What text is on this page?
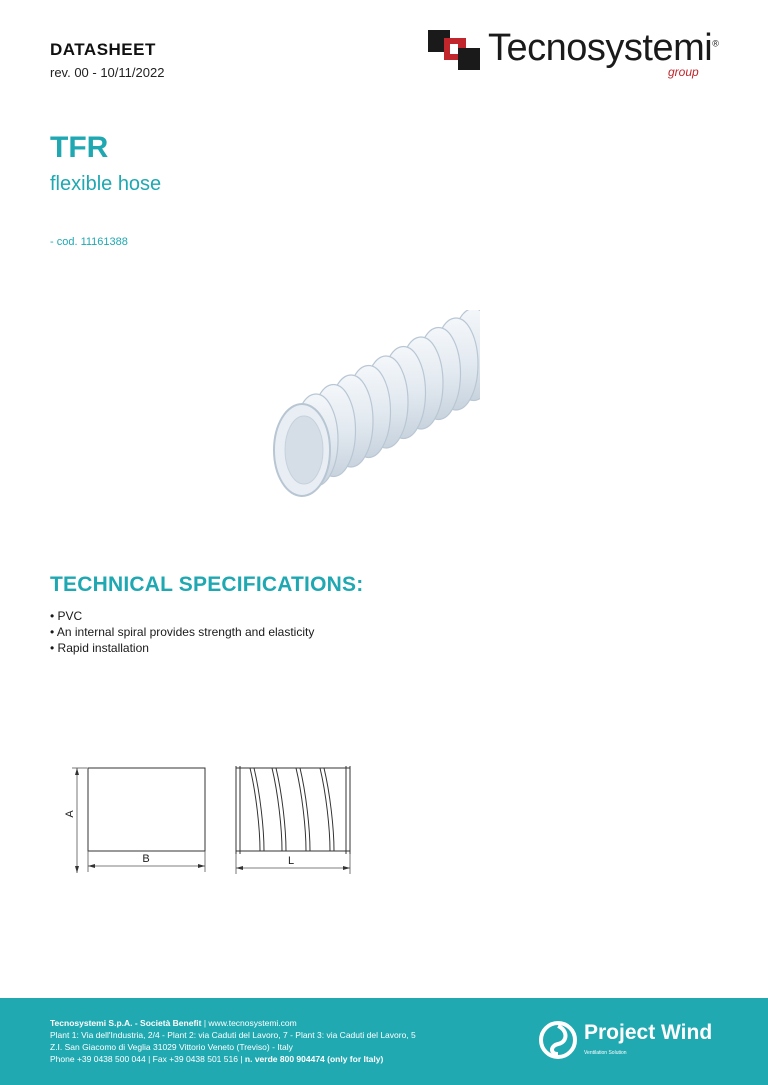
DATASHEET
rev. 00 - 10/11/2022
Tecnosystemi®
group
TFR
flexible hose
- cod. 11161388
TECHNICAL SPECIFICATIONS:
• PVC
• An internal spiral provides strength and elasticity
• Rapid installation
A
B	L
Tecnosystemi S.p.A. - Società Benefit | www.tecnosystemi.com
Plant 1: Via dell'Industria, 2/4 - Plant 2: via Caduti del Lavoro, 7 - Plant 3: via Caduti del Lavoro, 5
Z.I. San Giacomo di Veglia 31029 Vittorio Veneto (Treviso) - Italy
Phone +39 0438 500 044 | Fax +39 0438 501 516 | n. verde 800 904474 (only for Italy)
Project Wind
Ventilation Solution
